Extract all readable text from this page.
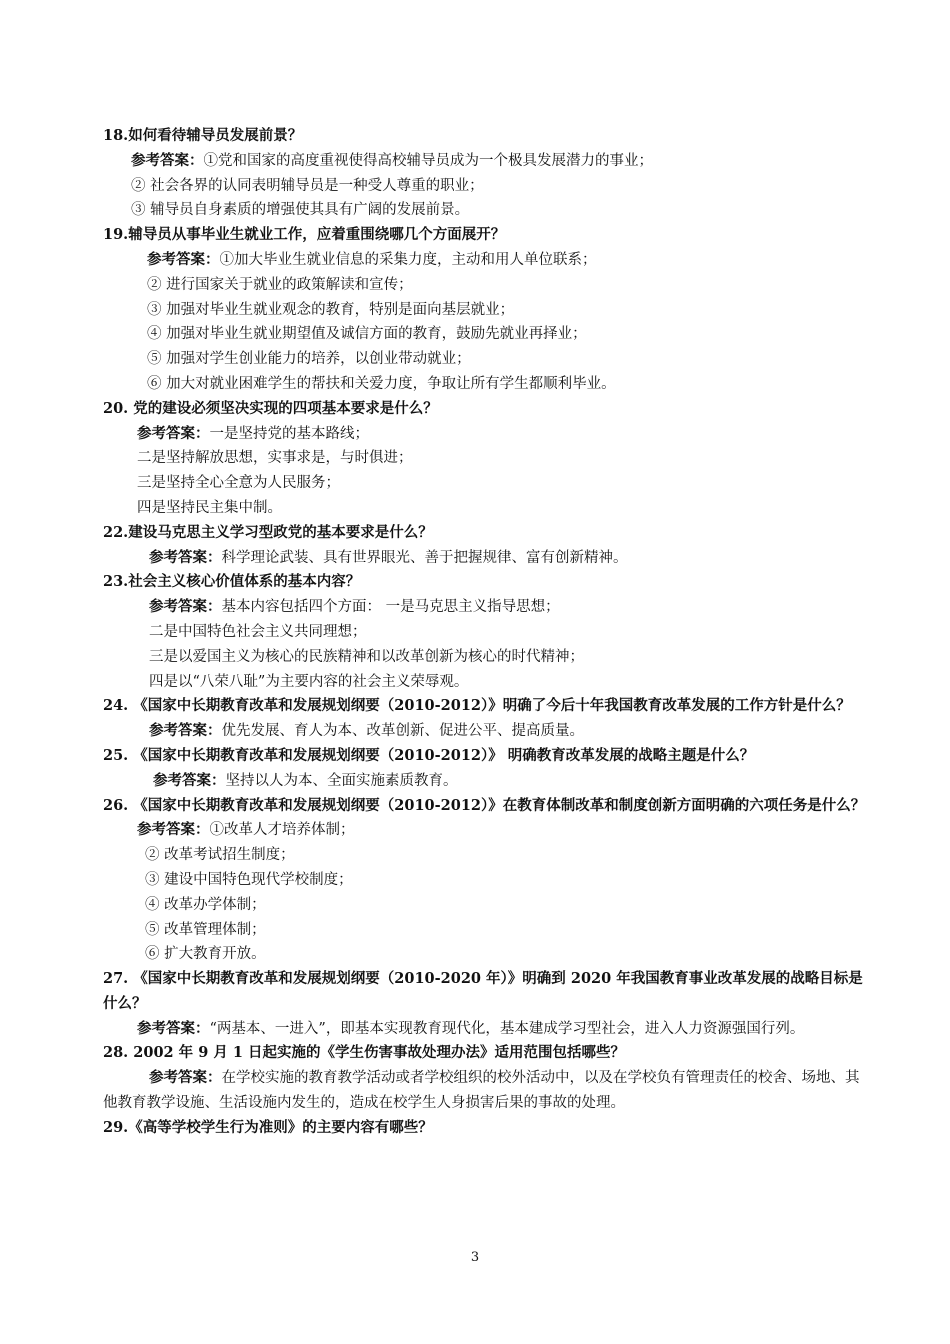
18.如何看待辅导员发展前景？
参考答案：①党和国家的高度重视使得高校辅导员成为一个极具发展潜力的事业；
② 社会各界的认同表明辅导员是一种受人尊重的职业；
③ 辅导员自身素质的增强使其具有广阔的发展前景。
19.辅导员从事毕业生就业工作，应着重围绕哪几个方面展开？
参考答案：①加大毕业生就业信息的采集力度，主动和用人单位联系；
② 进行国家关于就业的政策解读和宣传；
③ 加强对毕业生就业观念的教育，特别是面向基层就业；
④ 加强对毕业生就业期望值及诚信方面的教育，鼓励先就业再择业；
⑤ 加强对学生创业能力的培养，以创业带动就业；
⑥ 加大对就业困难学生的帮扶和关爱力度，争取让所有学生都顺利毕业。
20. 党的建设必须坚决实现的四项基本要求是什么？
参考答案：一是坚持党的基本路线；
二是坚持解放思想，实事求是，与时俱进；
三是坚持全心全意为人民服务；
四是坚持民主集中制。
22.建设马克思主义学习型政党的基本要求是什么？
参考答案：科学理论武装、具有世界眼光、善于把握规律、富有创新精神。
23.社会主义核心价值体系的基本内容？
参考答案：基本内容包括四个方面： 一是马克思主义指导思想；
二是中国特色社会主义共同理想；
三是以爱国主义为核心的民族精神和以改革创新为核心的时代精神；
四是以“八荣八耻”为主要内容的社会主义荣辱观。
24. 《国家中长期教育改革和发展规划纲要（2010-2012）》明确了今后十年我国教育改革发展的工作方针是什么？
参考答案：优先发展、育人为本、改革创新、促进公平、提高质量。
25. 《国家中长期教育改革和发展规划纲要（2010-2012）》 明确教育改革发展的战略主题是什么？
参考答案：坚持以人为本、全面实施素质教育。
26. 《国家中长期教育改革和发展规划纲要（2010-2012）》在教育体制改革和制度创新方面明确的六项任务是什么？
参考答案：①改革人才培养体制；
② 改革考试招生制度；
③ 建设中国特色现代学校制度；
④ 改革办学体制；
⑤ 改革管理体制；
⑥ 扩大教育开放。
27. 《国家中长期教育改革和发展规划纲要（2010-2020 年）》明确到 2020 年我国教育事业改革发展的战略目标是什么？
参考答案：“两基本、一进入”，即基本实现教育现代化，基本建成学习型社会，进入人力资源强国行列。
28. 2002 年 9 月 1 日起实施的《学生伤害事故处理办法》适用范围包括哪些？
参考答案：在学校实施的教育教学活动或者学校组织的校外活动中，以及在学校负有管理责任的校舍、场地、其他教育教学设施、生活设施内发生的，造成在校学生人身损害后果的事故的处理。
29.《高等学校学生行为准则》的主要内容有哪些？
3
